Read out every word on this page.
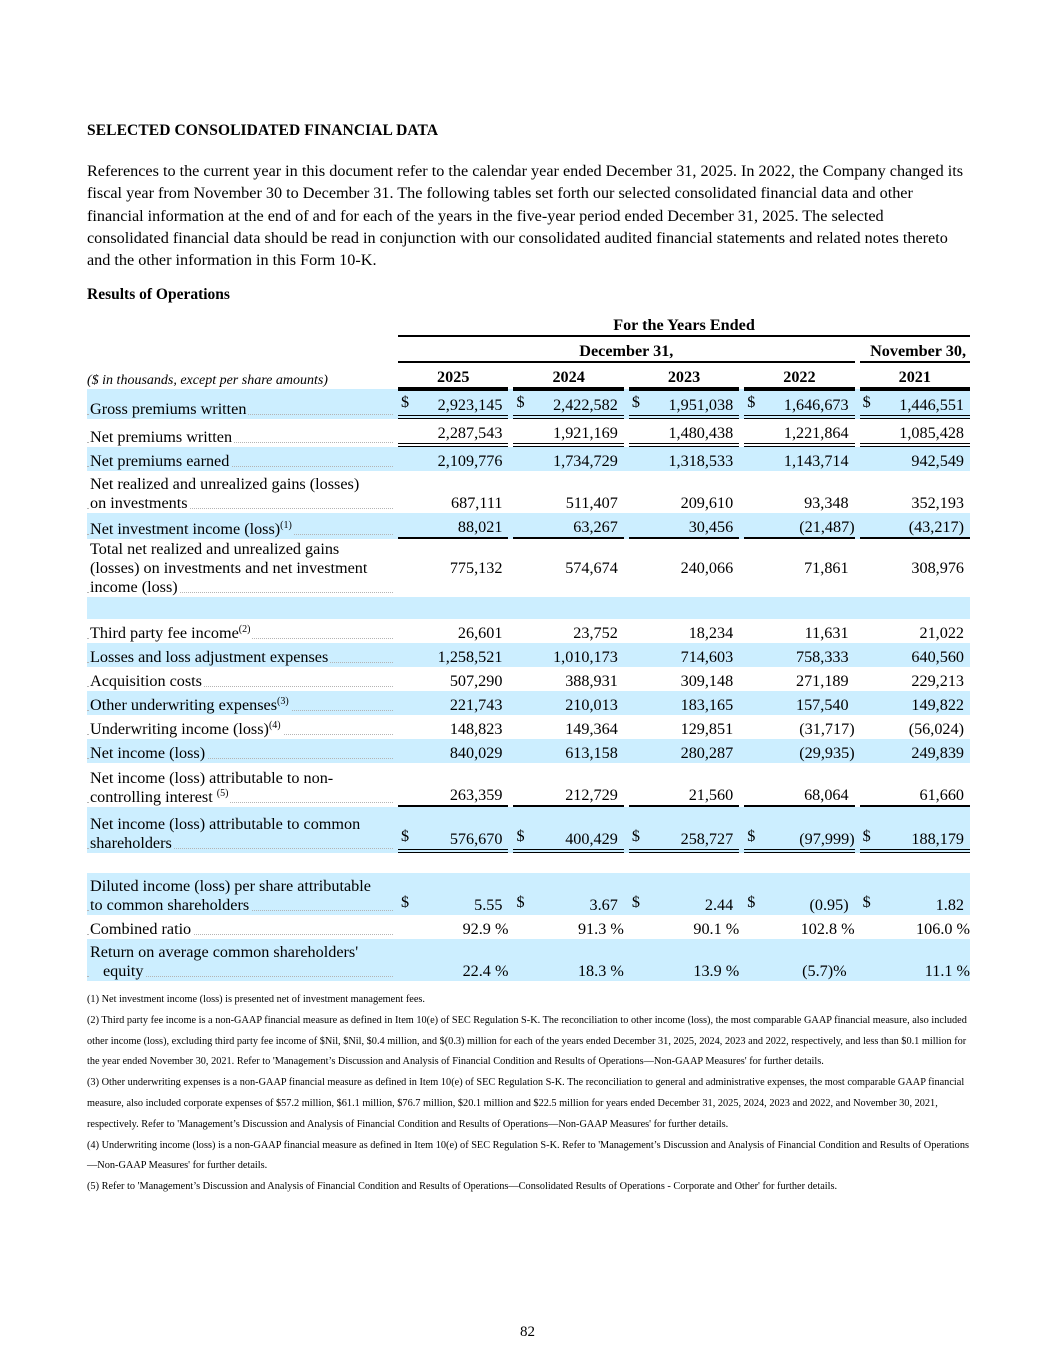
SELECTED CONSOLIDATED FINANCIAL DATA
References to the current year in this document refer to the calendar year ended December 31, 2025. In 2022, the Company changed its fiscal year from November 30 to December 31. The following tables set forth our selected consolidated financial data and other financial information at the end of and for each of the years in the five-year period ended December 31, 2025. The selected consolidated financial data should be read in conjunction with our consolidated audited financial statements and related notes thereto and the other information in this Form 10-K.
Results of Operations
		For the Years Ended								
		December 31,								November 30,
($ in thousands, except per share amounts)		2025		2024		2023		2022		2021
Gross premiums written		$ 2,923,145		$ 2,422,582		$ 1,951,038		$ 1,646,673		$ 1,446,551
Net premiums written		2,287,543		1,921,169		1,480,438		1,221,864		1,085,428
Net premiums earned		2,109,776		1,734,729		1,318,533		1,143,714		942,549
Net realized and unrealized gains (losses)
on investments		687,111		511,407		209,610		93,348		352,193
Net investment income (loss)$^{(1)}$		88,021		63,267		30,456		(21,487)		(43,217)
Total net realized and unrealized gains
(losses) on investments and net investment
income (loss)		775,132		574,674		240,066		71,861		308,976

Third party fee income$^{(2)}$		26,601		23,752		18,234		11,631		21,022
Losses and loss adjustment expenses		1,258,521		1,010,173		714,603		758,333		640,560
Acquisition costs		507,290		388,931		309,148		271,189		229,213
Other underwriting expenses$^{(3)}$		221,743		210,013		183,165		157,540		149,822
Underwriting income (loss)$^{(4)}$		148,823		149,364		129,851		(31,717)		(56,024)
Net income (loss)		840,029		613,158		280,287		(29,935)		249,839
Net income (loss) attributable to non-
controlling interest $^{(5)}$		263,359		212,729		21,560		68,064		61,660
Net income (loss) attributable to common
shareholders		$ 576,670		$ 400,429		$ 258,727		$ (97,999)		$ 188,179

Diluted income (loss) per share attributable
to common shareholders		$ 5.55		$ 3.67		$ 2.44		$ (0.95)		$ 1.82
Combined ratio		92.9 %		91.3 %		90.1 %		102.8 %		106.0 %
Return on average common shareholders'
equity		22.4 %		18.3 %		13.9 %		(5.7)%		11.1 %

(1) Net investment income (loss) is presented net of investment management fees.

(2) Third party fee income is a non-GAAP financial measure as defined in Item 10(e) of SEC Regulation S-K. The reconciliation to other income (loss), the most comparable GAAP financial measure, also included other income (loss), excluding third party fee income of $Nil, $Nil, $0.4 million, and $(0.3) million for each of the years ended December 31, 2025, 2024, 2023 and 2022, respectively, and less than $0.1 million for the year ended November 30, 2021. Refer to 'Management’s Discussion and Analysis of Financial Condition and Results of Operations—Non-GAAP Measures' for further details.

(3) Other underwriting expenses is a non-GAAP financial measure as defined in Item 10(e) of SEC Regulation S-K. The reconciliation to general and administrative expenses, the most comparable GAAP financial measure, also included corporate expenses of $57.2 million, $61.1 million, $76.7 million, $20.1 million and $22.5 million for years ended December 31, 2025, 2024, 2023 and 2022, and November 30, 2021, respectively. Refer to 'Management’s Discussion and Analysis of Financial Condition and Results of Operations—Non-GAAP Measures' for further details.

(4) Underwriting income (loss) is a non-GAAP financial measure as defined in Item 10(e) of SEC Regulation S-K. Refer to 'Management’s Discussion and Analysis of Financial Condition and Results of Operations—Non-GAAP Measures' for further details.

(5) Refer to 'Management’s Discussion and Analysis of Financial Condition and Results of Operations—Consolidated Results of Operations - Corporate and Other' for further details.

82
